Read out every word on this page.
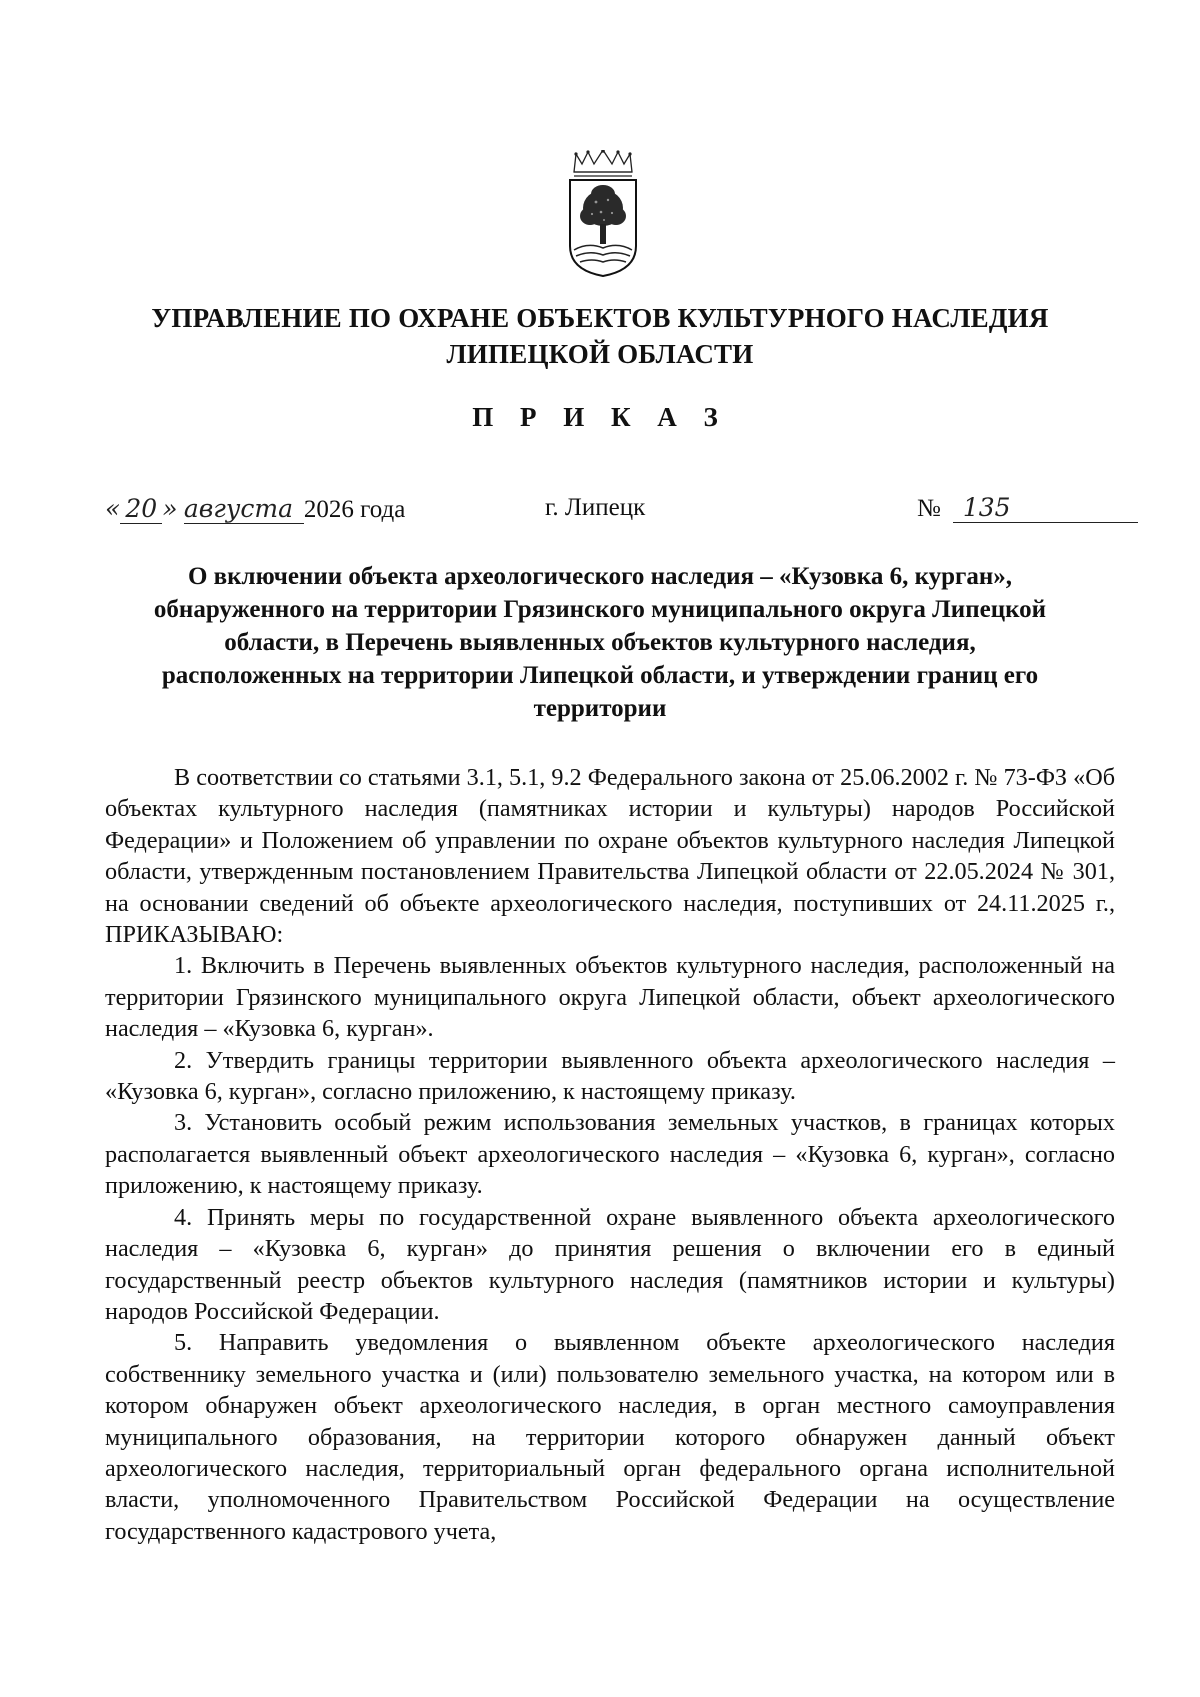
УПРАВЛЕНИЕ ПО ОХРАНЕ ОБЪЕКТОВ КУЛЬТУРНОГО НАСЛЕДИЯ
ЛИПЕЦКОЙ ОБЛАСТИ
П Р И К А З
« 20 » августа 2026 года	г. Липецк	№ 135
О включении объекта археологического наследия – «Кузовка 6, курган», обнаруженного на территории Грязинского муниципального округа Липецкой области, в Перечень выявленных объектов культурного наследия, расположенных на территории Липецкой области, и утверждении границ его территории

В соответствии со статьями 3.1, 5.1, 9.2 Федерального закона от 25.06.2002 г. № 73-ФЗ «Об объектах культурного наследия (памятниках истории и культуры) народов Российской Федерации» и Положением об управлении по охране объектов культурного наследия Липецкой области, утвержденным постановлением Правительства Липецкой области от 22.05.2024 № 301, на основании сведений об объекте археологического наследия, поступивших от 24.11.2025 г., ПРИКАЗЫВАЮ:

1. Включить в Перечень выявленных объектов культурного наследия, расположенный на территории Грязинского муниципального округа Липецкой области, объект археологического наследия – «Кузовка 6, курган».

2. Утвердить границы территории выявленного объекта археологического наследия – «Кузовка 6, курган», согласно приложению, к настоящему приказу.

3. Установить особый режим использования земельных участков, в границах которых располагается выявленный объект археологического наследия – «Кузовка 6, курган», согласно приложению, к настоящему приказу.

4. Принять меры по государственной охране выявленного объекта археологического наследия – «Кузовка 6, курган» до принятия решения о включении его в единый государственный реестр объектов культурного наследия (памятников истории и культуры) народов Российской Федерации.

5. Направить уведомления о выявленном объекте археологического наследия собственнику земельного участка и (или) пользователю земельного участка, на котором или в котором обнаружен объект археологического наследия, в орган местного самоуправления муниципального образования, на территории которого обнаружен данный объект археологического наследия, территориальный орган федерального органа исполнительной власти, уполномоченного Правительством Российской Федерации на осуществление государственного кадастрового учета,
